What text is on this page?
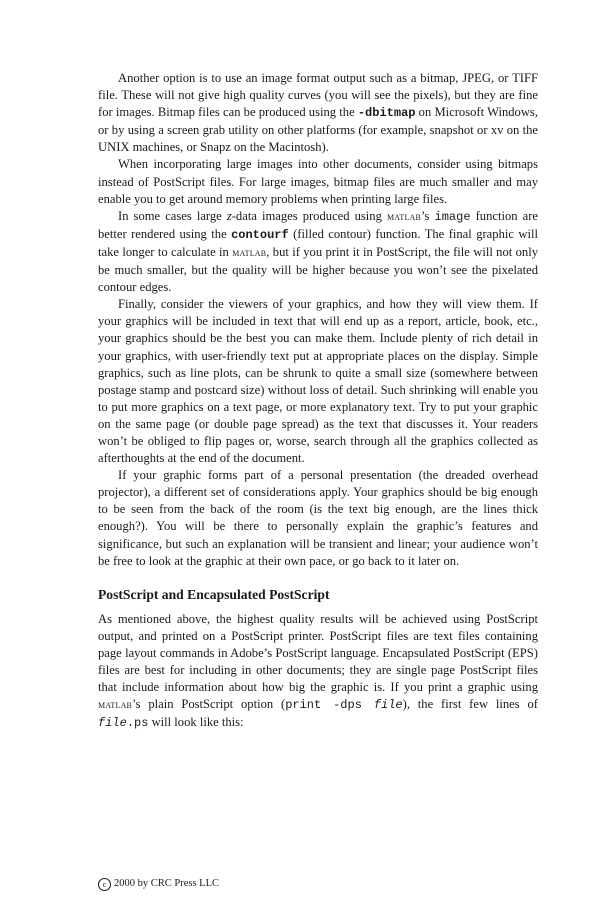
Another option is to use an image format output such as a bitmap, JPEG, or TIFF file. These will not give high quality curves (you will see the pixels), but they are fine for images. Bitmap files can be produced using the -dbitmap on Microsoft Windows, or by using a screen grab utility on other platforms (for example, snapshot or xv on the UNIX machines, or Snapz on the Macintosh).

When incorporating large images into other documents, consider using bitmaps instead of PostScript files. For large images, bitmap files are much smaller and may enable you to get around memory problems when printing large files.

In some cases large z-data images produced using matlab’s image function are better rendered using the contourf (filled contour) function. The final graphic will take longer to calculate in matlab, but if you print it in PostScript, the file will not only be much smaller, but the quality will be higher because you won’t see the pixelated contour edges.

Finally, consider the viewers of your graphics, and how they will view them. If your graphics will be included in text that will end up as a report, article, book, etc., your graphics should be the best you can make them. Include plenty of rich detail in your graphics, with user-friendly text put at appropriate places on the display. Simple graphics, such as line plots, can be shrunk to quite a small size (somewhere between postage stamp and postcard size) without loss of detail. Such shrinking will enable you to put more graphics on a text page, or more explanatory text. Try to put your graphic on the same page (or double page spread) as the text that discusses it. Your readers won’t be obliged to flip pages or, worse, search through all the graphics collected as afterthoughts at the end of the document.

If your graphic forms part of a personal presentation (the dreaded overhead projector), a different set of considerations apply. Your graphics should be big enough to be seen from the back of the room (is the text big enough, are the lines thick enough?). You will be there to personally explain the graphic’s features and significance, but such an explanation will be transient and linear; your audience won’t be free to look at the graphic at their own pace, or go back to it later on.

PostScript and Encapsulated PostScript

As mentioned above, the highest quality results will be achieved using PostScript output, and printed on a PostScript printer. PostScript files are text files containing page layout commands in Adobe’s PostScript language. Encapsulated PostScript (EPS) files are best for including in other documents; they are single page PostScript files that include information about how big the graphic is. If you print a graphic using matlab’s plain PostScript option (print -dps file), the first few lines of file.ps will look like this:

c 2000 by CRC Press LLC
